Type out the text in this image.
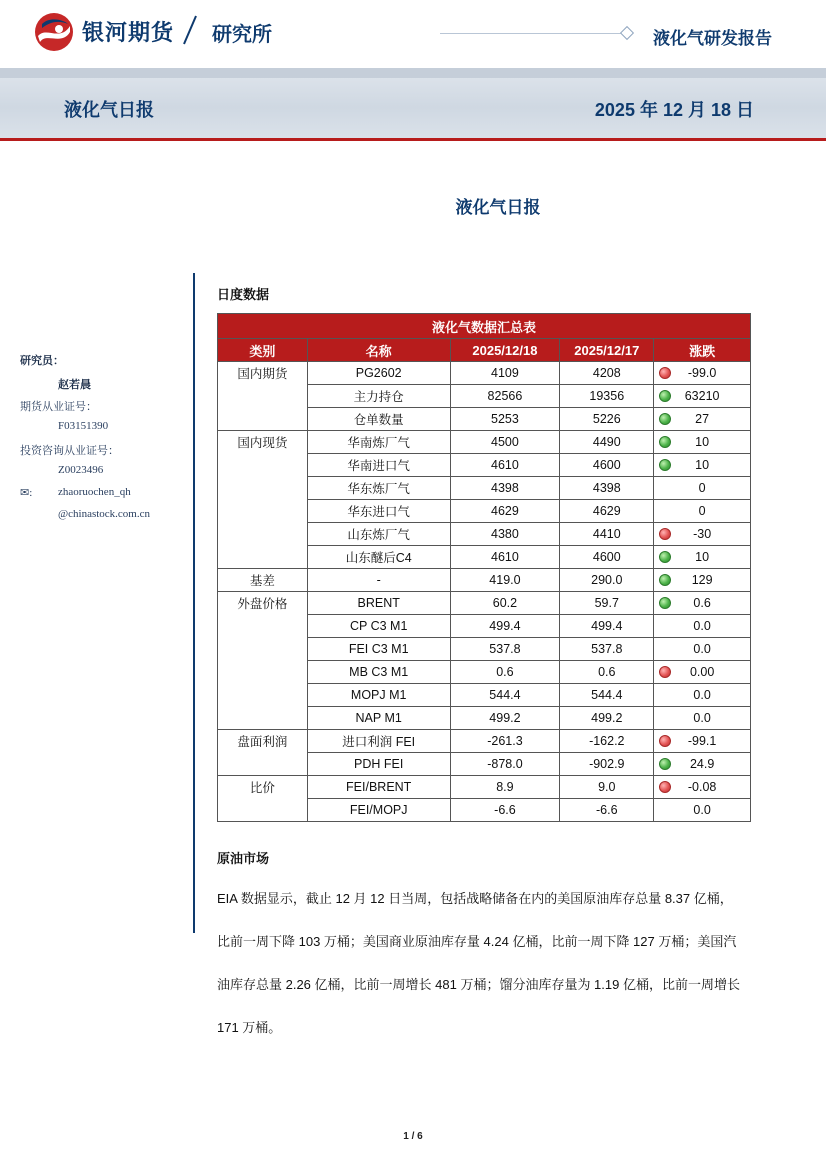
银河期货 研究所	液化气研发报告
液化气日报	2025 年 12 月 18 日
液化气日报
研究员：
赵若晨
期货从业证号：
F03151390
投资咨询从业证号：
Z0023496
✉: zhaoruochen_qh
@chinastock.com.cn
日度数据
液化气数据汇总表				
类别	名称	2025/12/18	2025/12/17	涨跌
国内期货	PG2602	4109	4208	-99.0
	主力持仓	82566	19356	63210
	仓单数量	5253	5226	27
国内现货	华南炼厂气	4500	4490	10
	华南进口气	4610	4600	10
	华东炼厂气	4398	4398	0
	华东进口气	4629	4629	0
	山东炼厂气	4380	4410	-30
	山东醚后C4	4610	4600	10
基差	-	419.0	290.0	129
外盘价格	BRENT	60.2	59.7	0.6
	CP C3 M1	499.4	499.4	0.0
	FEI C3 M1	537.8	537.8	0.0
	MB C3 M1	0.6	0.6	0.00
	MOPJ M1	544.4	544.4	0.0
	NAP M1	499.2	499.2	0.0
盘面利润	进口利润 FEI	-261.3	-162.2	-99.1
	PDH FEI	-878.0	-902.9	24.9
比价	FEI/BRENT	8.9	9.0	-0.08
	FEI/MOPJ	-6.6	-6.6	0.0
原油市场
EIA 数据显示，截止 12 月 12 日当周，包括战略储备在内的美国原油库存总量 8.37 亿桶，
比前一周下降 103 万桶；美国商业原油库存量 4.24 亿桶，比前一周下降 127 万桶；美国汽
油库存总量 2.26 亿桶，比前一周增长 481 万桶；馏分油库存量为 1.19 亿桶，比前一周增长
171 万桶。
1 / 6
